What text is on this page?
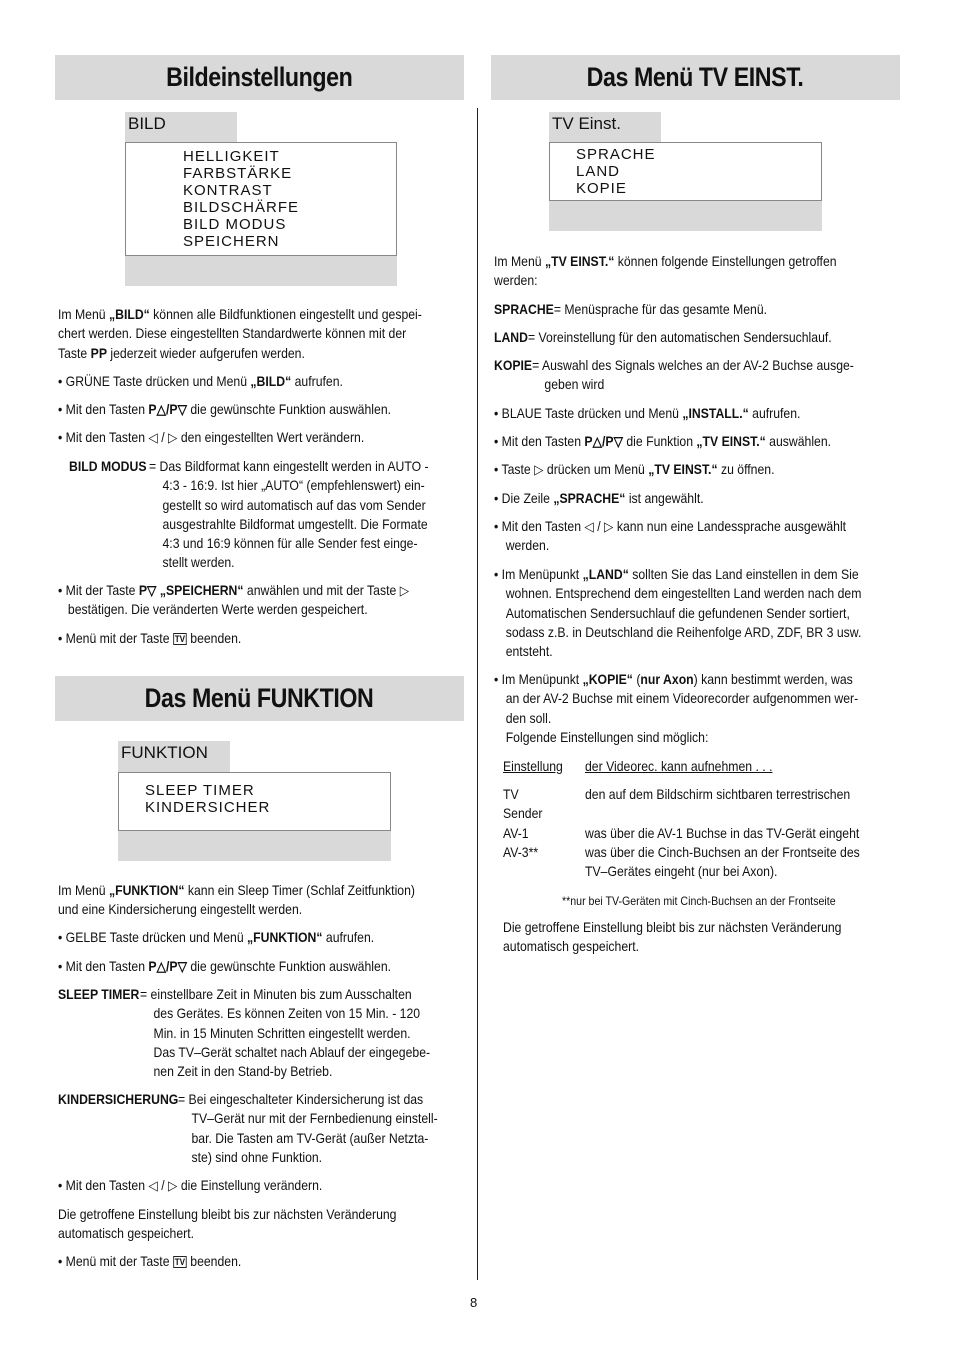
Bildeinstellungen
BILD
HELLIGKEIT
FARBSTÄRKE
KONTRAST
BILDSCHÄRFE
BILD MODUS
SPEICHERN
Im Menü „BILD“ können alle Bildfunktionen eingestellt und gespei-
chert werden. Diese eingestellten Standardwerte können mit der
Taste PP jederzeit wieder aufgerufen werden.
• GRÜNE Taste drücken und Menü „BILD“ aufrufen.
• Mit den Tasten P△/P▽ die gewünschte Funktion auswählen.
• Mit den Tasten ◁ / ▷ den eingestellten Wert verändern.
BILD MODUS = Das Bildformat kann eingestellt werden in AUTO -
4:3 - 16:9. Ist hier „AUTO“ (empfehlenswert) ein-
gestellt so wird automatisch auf das vom Sender
ausgestrahlte Bildformat umgestellt. Die Formate
4:3 und 16:9 können für alle Sender fest einge-
stellt werden.
• Mit der Taste P▽ „SPEICHERN“ anwählen und mit der Taste ▷
bestätigen. Die veränderten Werte werden gespeichert.
• Menü mit der Taste TV beenden.
Das Menü FUNKTION
FUNKTION
SLEEP TIMER
KINDERSICHER
Im Menü „FUNKTION“ kann ein Sleep Timer (Schlaf Zeitfunktion)
und eine Kindersicherung eingestellt werden.
• GELBE Taste drücken und Menü „FUNKTION“ aufrufen.
• Mit den Tasten P△/P▽ die gewünschte Funktion auswählen.
SLEEP TIMER = einstellbare Zeit in Minuten bis zum Ausschalten
des Gerätes. Es können Zeiten von 15 Min. - 120
Min. in 15 Minuten Schritten eingestellt werden.
Das TV–Gerät schaltet nach Ablauf der eingegebe-
nen Zeit in den Stand-by Betrieb.
KINDERSICHERUNG = Bei eingeschalteter Kindersicherung ist das
TV–Gerät nur mit der Fernbedienung einstell-
bar. Die Tasten am TV-Gerät (außer Netzta-
ste) sind ohne Funktion.
• Mit den Tasten ◁ / ▷ die Einstellung verändern.
Die getroffene Einstellung bleibt bis zur nächsten Veränderung
automatisch gespeichert.
• Menü mit der Taste TV beenden.
Das Menü TV EINST.
TV Einst.
SPRACHE
LAND
KOPIE
Im Menü „TV EINST.“ können folgende Einstellungen getroffen
werden:
SPRACHE= Menüsprache für das gesamte Menü.
LAND= Voreinstellung für den automatischen Sendersuchlauf.
KOPIE= Auswahl des Signals welches an der AV-2 Buchse ausge-
geben wird
• BLAUE Taste drücken und Menü „INSTALL.“ aufrufen.
• Mit den Tasten P△/P▽ die Funktion „TV EINST.“ auswählen.
• Taste ▷ drücken um Menü „TV EINST.“ zu öffnen.
• Die Zeile „SPRACHE“ ist angewählt.
• Mit den Tasten ◁ / ▷ kann nun eine Landessprache ausgewählt
werden.
• Im Menüpunkt „LAND“ sollten Sie das Land einstellen in dem Sie
wohnen. Entsprechend dem eingestellten Land werden nach dem
Automatischen Sendersuchlauf die gefundenen Sender sortiert,
sodass z.B. in Deutschland die Reihenfolge ARD, ZDF, BR 3 usw.
entsteht.
• Im Menüpunkt „KOPIE“ (nur Axon) kann bestimmt werden, was
an der AV-2 Buchse mit einem Videorecorder aufgenommen wer-
den soll.
Folgende Einstellungen sind möglich:
Einstellung der Videorec. kann aufnehmen . . .
TV
Sender
AV-1
AV-3**
den auf dem Bildschirm sichtbaren terrestrischen

was über die AV-1 Buchse in das TV-Gerät eingeht
was über die Cinch-Buchsen an der Frontseite des
TV–Gerätes eingeht (nur bei Axon).
**nur bei TV-Geräten mit Cinch-Buchsen an der Frontseite
Die getroffene Einstellung bleibt bis zur nächsten Veränderung
automatisch gespeichert.
8
